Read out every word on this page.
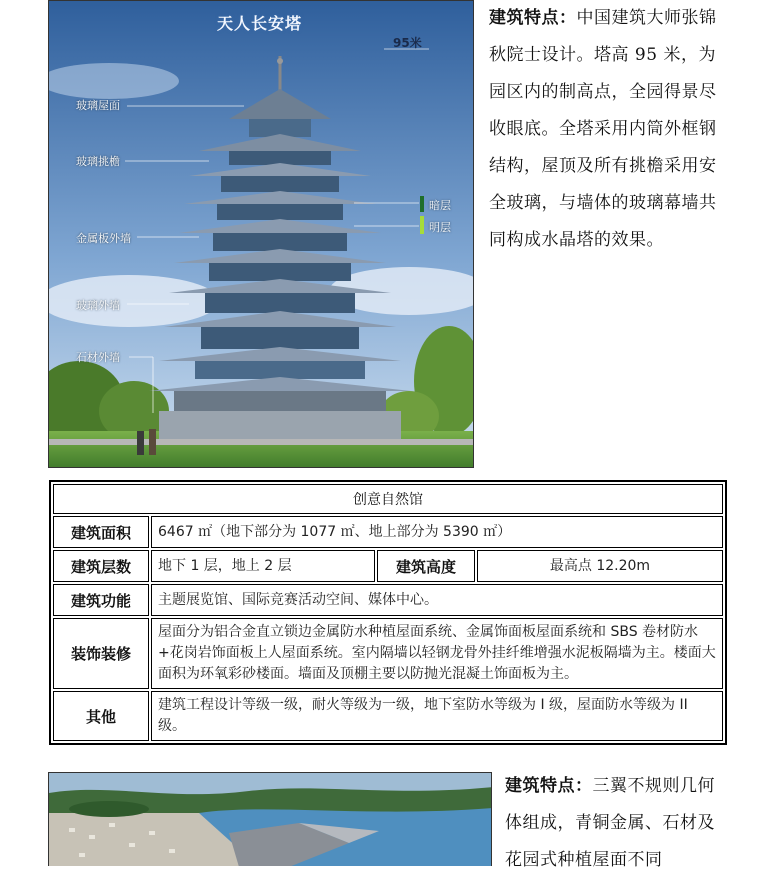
天人长安塔
95米
玻璃屋面
玻璃挑檐
金属板外墙
玻璃外墙
石材外墙
暗层
明层
建筑特点：中国建筑大师张锦秋院士设计。塔高 95 米，为园区内的制高点，全园得景尽收眼底。全塔采用内筒外框钢结构，屋顶及所有挑檐采用安全玻璃，与墙体的玻璃幕墙共同构成水晶塔的效果。
创意自然馆			
建筑面积	6467 ㎡（地下部分为 1077 ㎡、地上部分为 5390 ㎡）		
建筑层数	地下 1 层，地上 2 层	建筑高度	最高点 12.20m
建筑功能	主题展览馆、国际竞赛活动空间、媒体中心。		
装饰装修	屋面分为铝合金直立锁边金属防水种植屋面系统、金属饰面板屋面系统和 SBS 卷材防水+花岗岩饰面板上人屋面系统。室内隔墙以轻钢龙骨外挂纤维增强水泥板隔墙为主。楼面大面积为环氧彩砂楼面。墙面及顶棚主要以防抛光混凝土饰面板为主。		
其他	建筑工程设计等级一级，耐火等级为一级，地下室防水等级为 I 级，屋面防水等级为 II 级。		
建筑特点：三翼不规则几何体组成，青铜金属、石材及花园式种植屋面不同
